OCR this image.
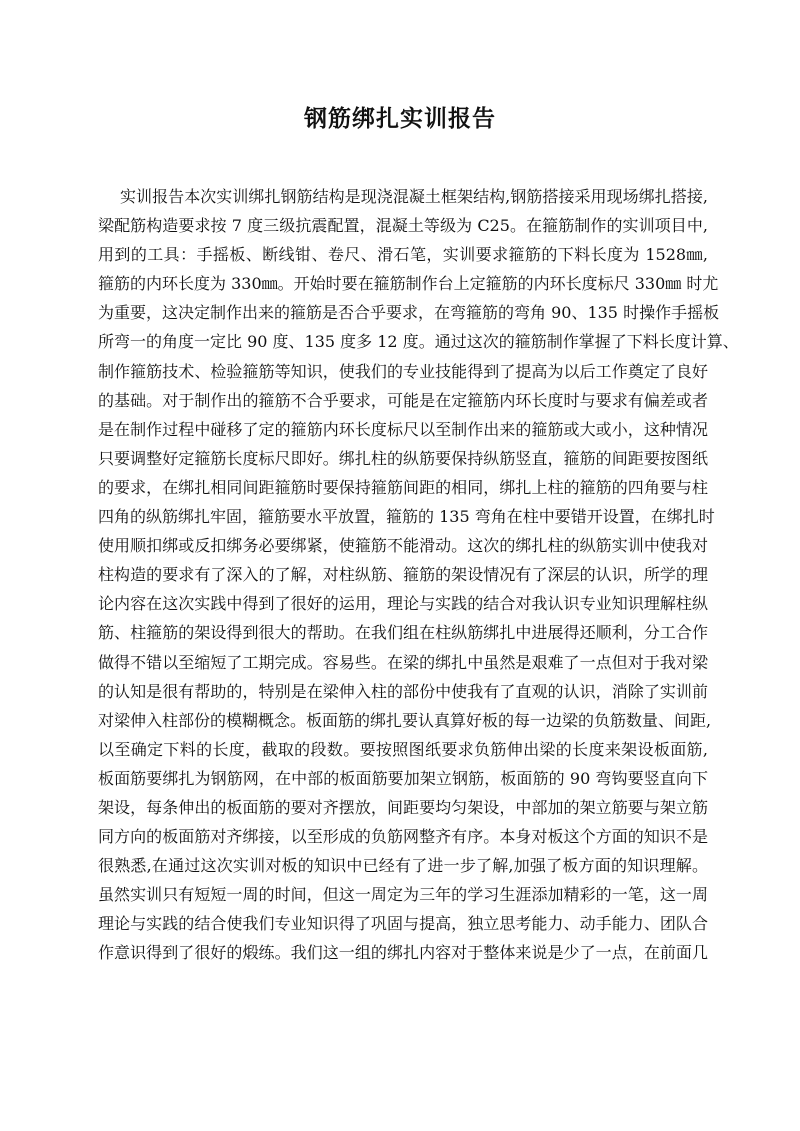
钢筋绑扎实训报告
实训报告本次实训绑扎钢筋结构是现浇混凝土框架结构,钢筋搭接采用现场绑扎搭接,
梁配筋构造要求按 7 度三级抗震配置，混凝土等级为 C25。在箍筋制作的实训项目中,
用到的工具：手摇板、断线钳、卷尺、滑石笔，实训要求箍筋的下料长度为 1528㎜,
箍筋的内环长度为 330㎜。开始时要在箍筋制作台上定箍筋的内环长度标尺 330㎜ 时尤
为重要，这决定制作出来的箍筋是否合乎要求，在弯箍筋的弯角 90、135 时操作手摇板
所弯一的角度一定比 90 度、135 度多 12 度。通过这次的箍筋制作掌握了下料长度计算、
制作箍筋技术、检验箍筋等知识，使我们的专业技能得到了提高为以后工作奠定了良好
的基础。对于制作出的箍筋不合乎要求，可能是在定箍筋内环长度时与要求有偏差或者
是在制作过程中碰移了定的箍筋内环长度标尺以至制作出来的箍筋或大或小，这种情况
只要调整好定箍筋长度标尺即好。绑扎柱的纵筋要保持纵筋竖直，箍筋的间距要按图纸
的要求，在绑扎相同间距箍筋时要保持箍筋间距的相同，绑扎上柱的箍筋的四角要与柱
四角的纵筋绑扎牢固，箍筋要水平放置，箍筋的 135 弯角在柱中要错开设置，在绑扎时
使用顺扣绑或反扣绑务必要绑紧，使箍筋不能滑动。这次的绑扎柱的纵筋实训中使我对
柱构造的要求有了深入的了解，对柱纵筋、箍筋的架设情况有了深层的认识，所学的理
论内容在这次实践中得到了很好的运用，理论与实践的结合对我认识专业知识理解柱纵
筋、柱箍筋的架设得到很大的帮助。在我们组在柱纵筋绑扎中进展得还顺利，分工合作
做得不错以至缩短了工期完成。容易些。在梁的绑扎中虽然是艰难了一点但对于我对梁
的认知是很有帮助的，特别是在梁伸入柱的部份中使我有了直观的认识，消除了实训前
对梁伸入柱部份的模糊概念。板面筋的绑扎要认真算好板的每一边梁的负筋数量、间距,
以至确定下料的长度，截取的段数。要按照图纸要求负筋伸出梁的长度来架设板面筋,
板面筋要绑扎为钢筋网，在中部的板面筋要加架立钢筋，板面筋的 90 弯钩要竖直向下
架设，每条伸出的板面筋的要对齐摆放，间距要均匀架设，中部加的架立筋要与架立筋
同方向的板面筋对齐绑接，以至形成的负筋网整齐有序。本身对板这个方面的知识不是
很熟悉,在通过这次实训对板的知识中已经有了进一步了解,加强了板方面的知识理解。
虽然实训只有短短一周的时间，但这一周定为三年的学习生涯添加精彩的一笔，这一周
理论与实践的结合使我们专业知识得了巩固与提高，独立思考能力、动手能力、团队合
作意识得到了很好的煅练。我们这一组的绑扎内容对于整体来说是少了一点，在前面几
